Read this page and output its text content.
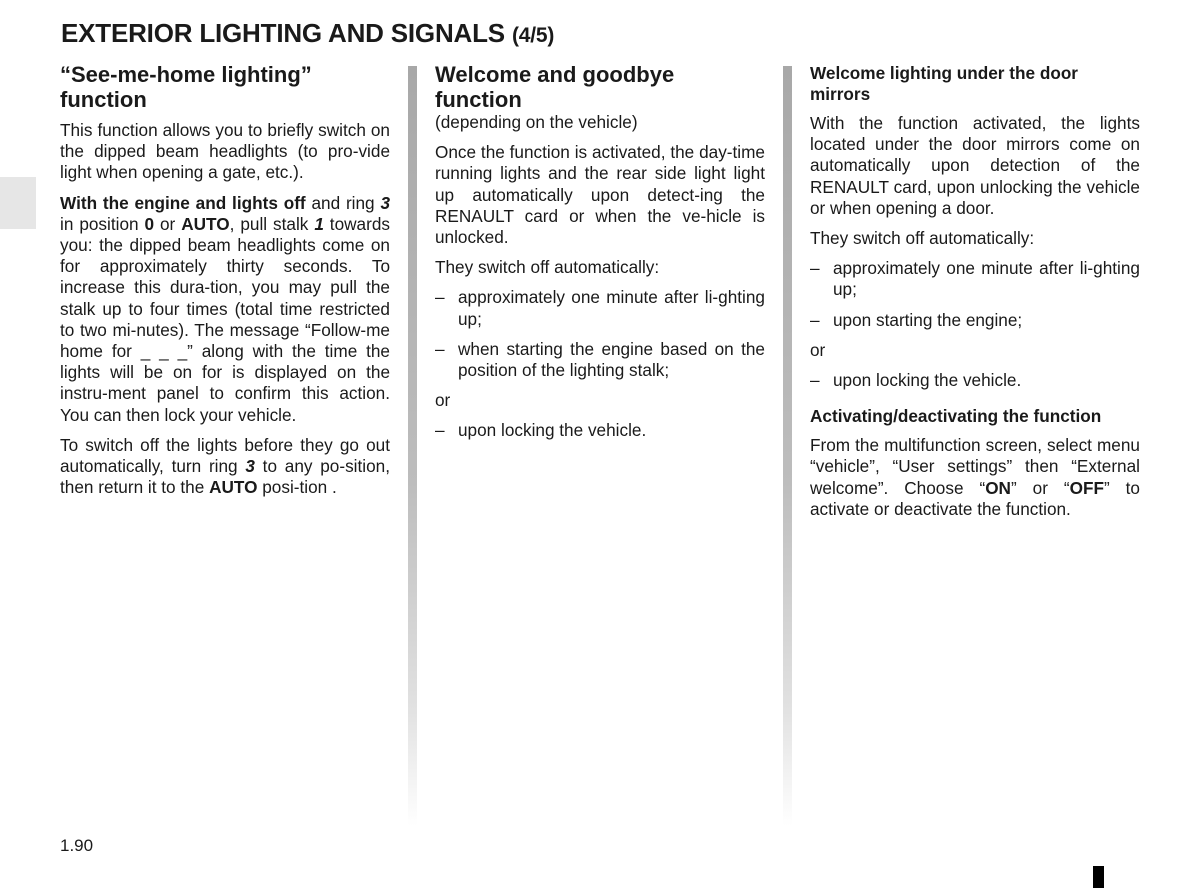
EXTERIOR LIGHTING AND SIGNALS (4/5)
“See-me-home lighting” function

This function allows you to briefly switch on the dipped beam headlights (to pro-vide light when opening a gate, etc.).

With the engine and lights off and ring 3 in position 0 or AUTO, pull stalk 1 towards you: the dipped beam headlights come on for approximately thirty seconds. To increase this dura-tion, you may pull the stalk up to four times (total time restricted to two mi-nutes). The message “Follow-me home for _ _ _” along with the time the lights will be on for is displayed on the instru-ment panel to confirm this action. You can then lock your vehicle.

To switch off the lights before they go out automatically, turn ring 3 to any po-sition, then return it to the AUTO posi-tion .

Welcome and goodbye function

(depending on the vehicle)

Once the function is activated, the day-time running lights and the rear side light light up automatically upon detect-ing the RENAULT card or when the ve-hicle is unlocked.

They switch off automatically:

– approximately one minute after li-ghting up;
– when starting the engine based on the position of the lighting stalk;

or

– upon locking the vehicle.
Welcome lighting under the door mirrors

With the function activated, the lights located under the door mirrors come on automatically upon detection of the RENAULT card, upon unlocking the vehicle or when opening a door.

They switch off automatically:

– approximately one minute after li-ghting up;
– upon starting the engine;

or

– upon locking the vehicle.
Activating/deactivating the function

From the multifunction screen, select menu “vehicle”, “User settings” then “External welcome”. Choose “ON” or “OFF” to activate or deactivate the function.

1.90
